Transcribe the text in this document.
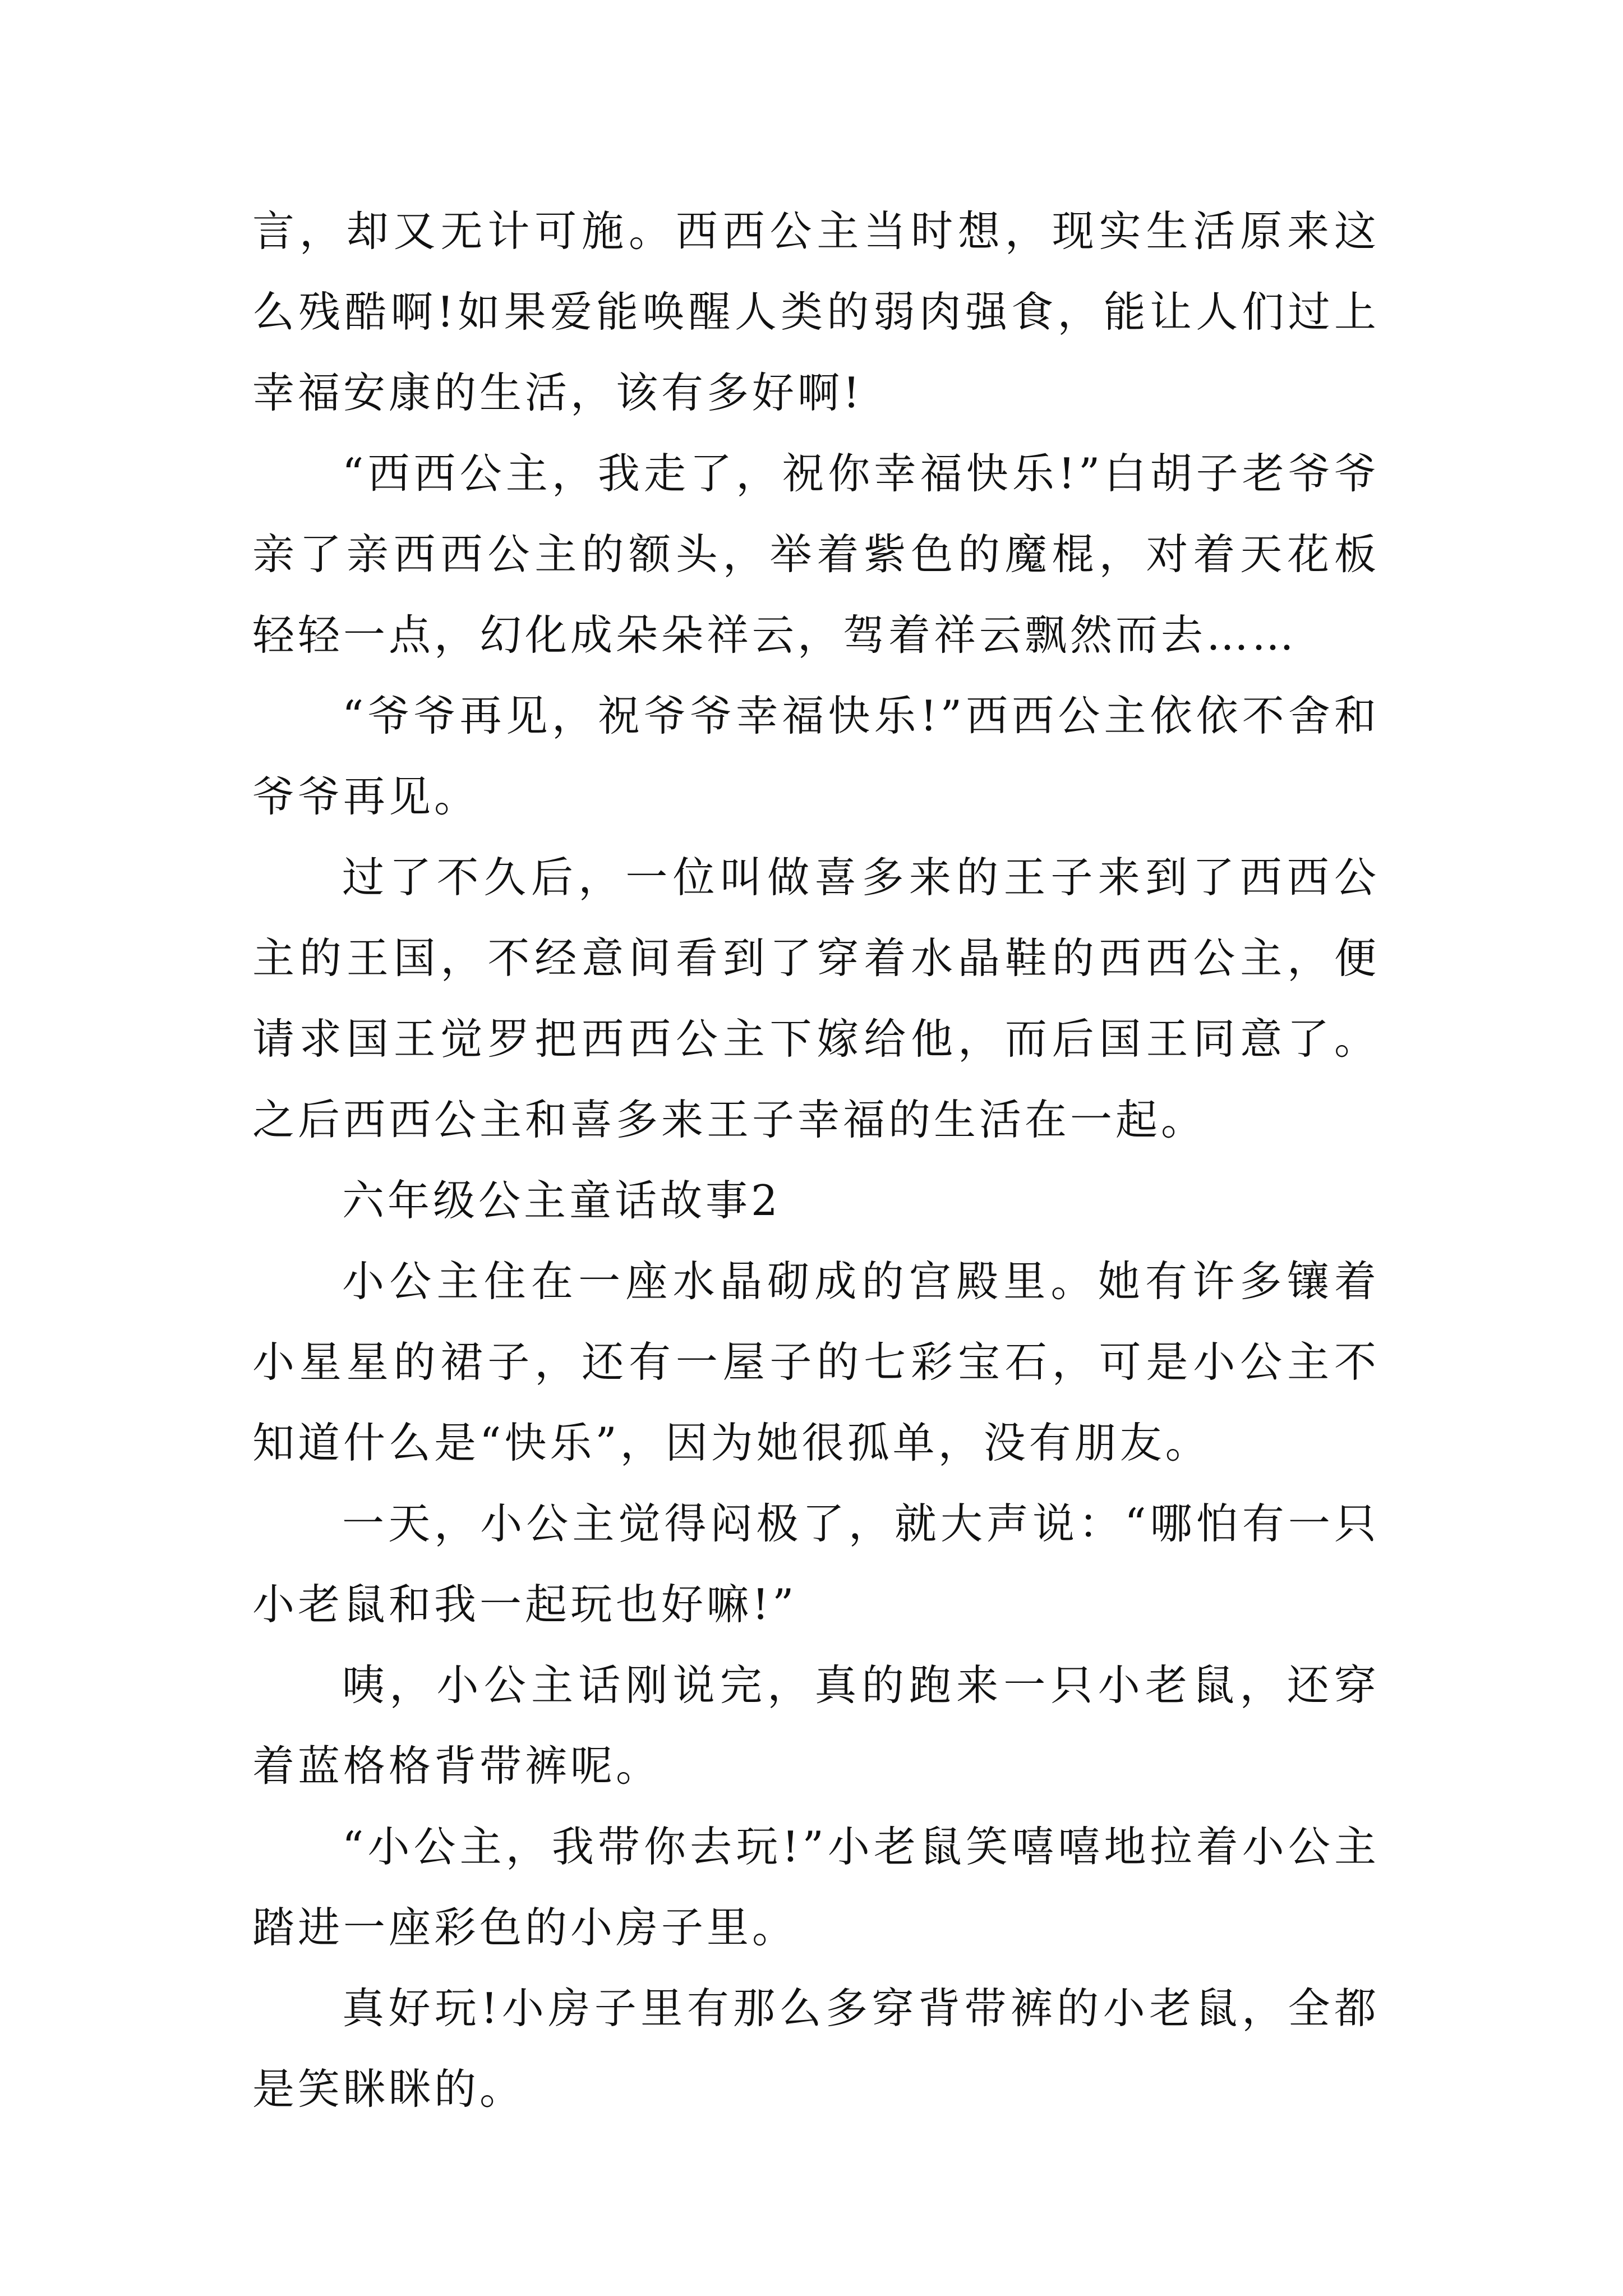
言，却又无计可施。西西公主当时想，现实生活原来这么残酷啊!如果爱能唤醒人类的弱肉强食，能让人们过上幸福安康的生活，该有多好啊!

“西西公主，我走了，祝你幸福快乐!”白胡子老爷爷亲了亲西西公主的额头，举着紫色的魔棍，对着天花板轻轻一点，幻化成朵朵祥云，驾着祥云飘然而去……

“爷爷再见，祝爷爷幸福快乐!”西西公主依依不舍和爷爷再见。

过了不久后，一位叫做喜多来的王子来到了西西公主的王国，不经意间看到了穿着水晶鞋的西西公主，便请求国王觉罗把西西公主下嫁给他，而后国王同意了。之后西西公主和喜多来王子幸福的生活在一起。

六年级公主童话故事2

小公主住在一座水晶砌成的宫殿里。她有许多镶着小星星的裙子，还有一屋子的七彩宝石，可是小公主不知道什么是“快乐”，因为她很孤单，没有朋友。

一天，小公主觉得闷极了，就大声说：“哪怕有一只小老鼠和我一起玩也好嘛!”

咦，小公主话刚说完，真的跑来一只小老鼠，还穿着蓝格格背带裤呢。

“小公主，我带你去玩!”小老鼠笑嘻嘻地拉着小公主踏进一座彩色的小房子里。

真好玩!小房子里有那么多穿背带裤的小老鼠，全都是笑眯眯的。
